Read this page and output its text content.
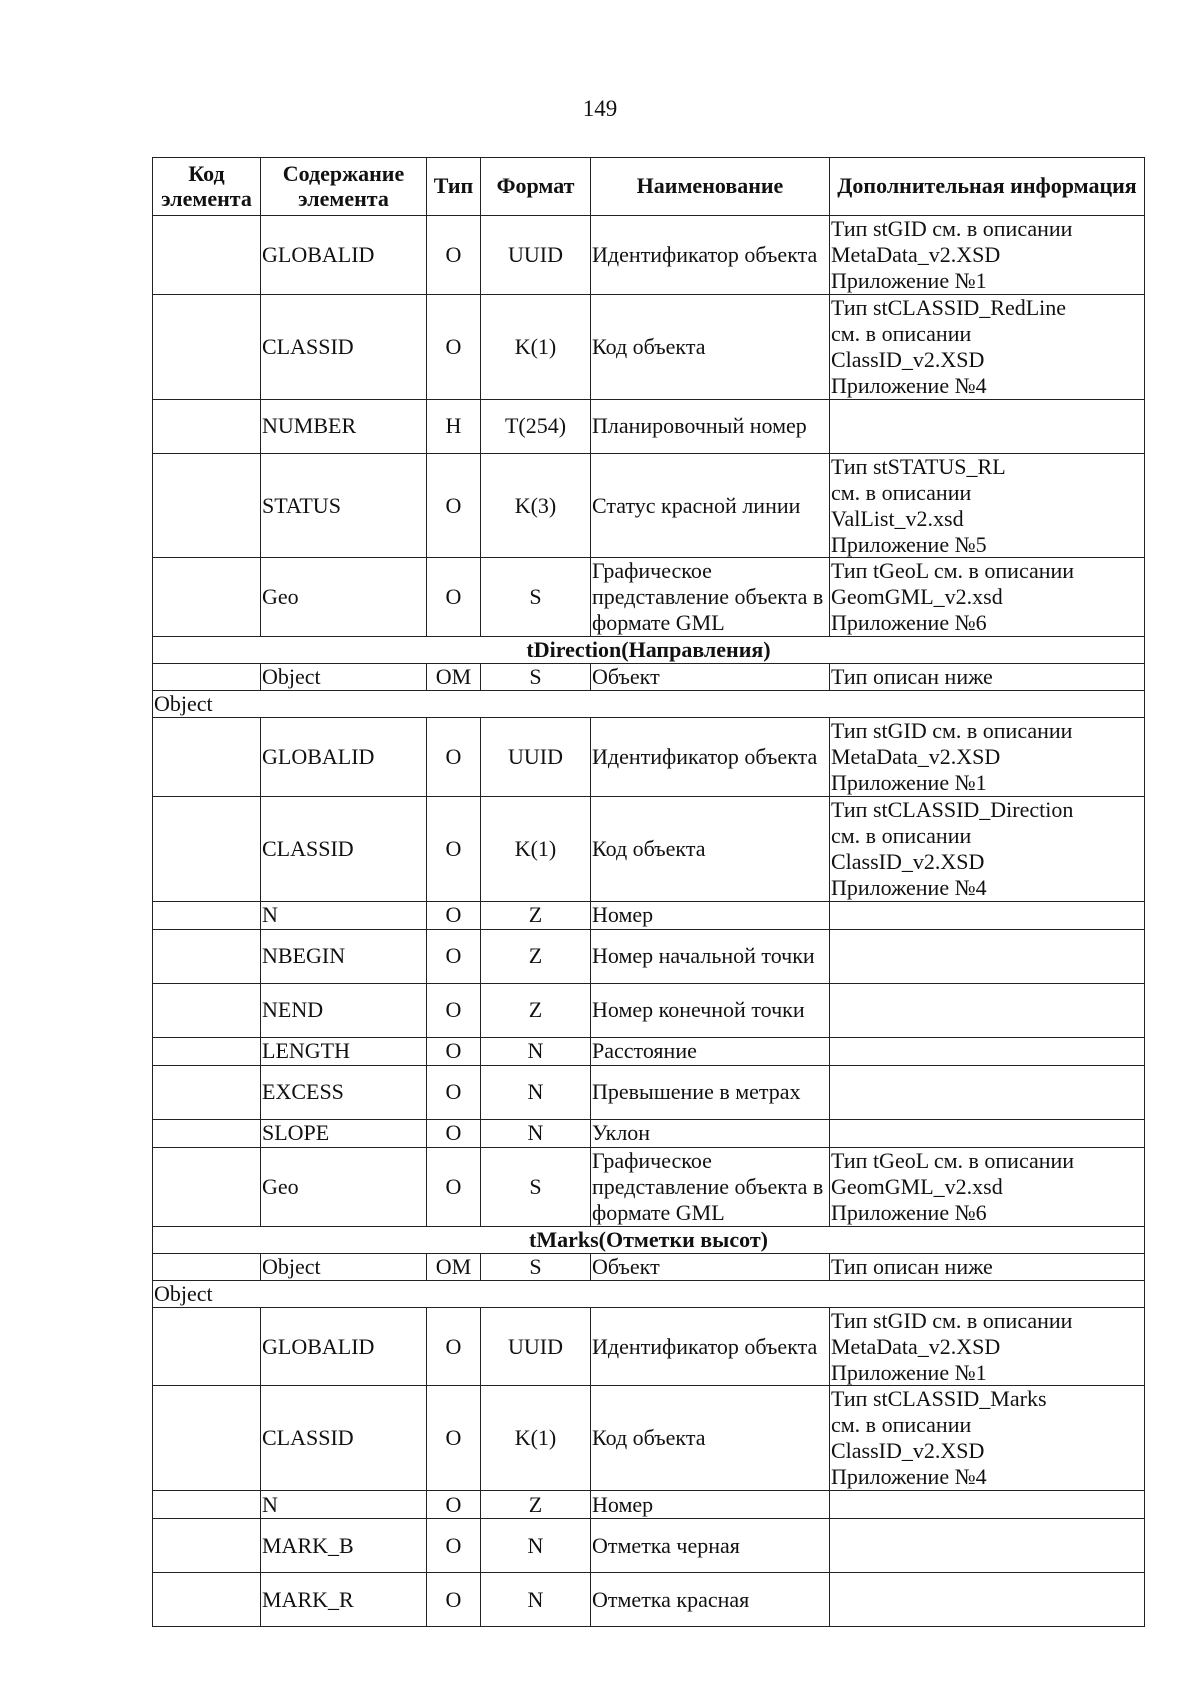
149
Код элемента	Содержание элемента	Тип	Формат	Наименование	Дополнительная информация
	GLOBALID	О	UUID	Идентификатор объекта	Тип stGID см. в описании
MetaData_v2.XSD
Приложение №1

	CLASSID	О	K(1)	Код объекта	Тип stCLASSID_RedLine
см. в описании
ClassID_v2.XSD
Приложение №4

	NUMBER	Н	T(254)	Планировочный номер	
	STATUS	О	K(3)	Статус красной линии	Тип stSTATUS_RL
см. в описании
ValList_v2.xsd
Приложение №5

	Geo	О	S	Графическое представление объекта в формате GML	Тип tGeoL см. в описании
GeomGML_v2.xsd
Приложение №6

tDirection(Направления)					
	Object	ОМ	S	Объект	Тип описан ниже
Object					
	GLOBALID	О	UUID	Идентификатор объекта	Тип stGID см. в описании
MetaData_v2.XSD
Приложение №1

	CLASSID	О	K(1)	Код объекта	Тип stCLASSID_Direction
см. в описании
ClassID_v2.XSD
Приложение №4

	N	О	Z	Номер	
	NBEGIN	О	Z	Номер начальной точки	
	NEND	О	Z	Номер конечной точки	
	LENGTH	О	N	Расстояние	
	EXCESS	О	N	Превышение в метрах	
	SLOPE	О	N	Уклон	
	Geo	О	S	Графическое представление объекта в формате GML	Тип tGeoL см. в описании
GeomGML_v2.xsd
Приложение №6

tMarks(Отметки высот)					
	Object	ОМ	S	Объект	Тип описан ниже
Object					
	GLOBALID	О	UUID	Идентификатор объекта	Тип stGID см. в описании
MetaData_v2.XSD
Приложение №1

	CLASSID	О	K(1)	Код объекта	Тип stCLASSID_Marks
см. в описании
ClassID_v2.XSD
Приложение №4

	N	О	Z	Номер	
	MARK_B	О	N	Отметка черная	
	MARK_R	О	N	Отметка красная	
